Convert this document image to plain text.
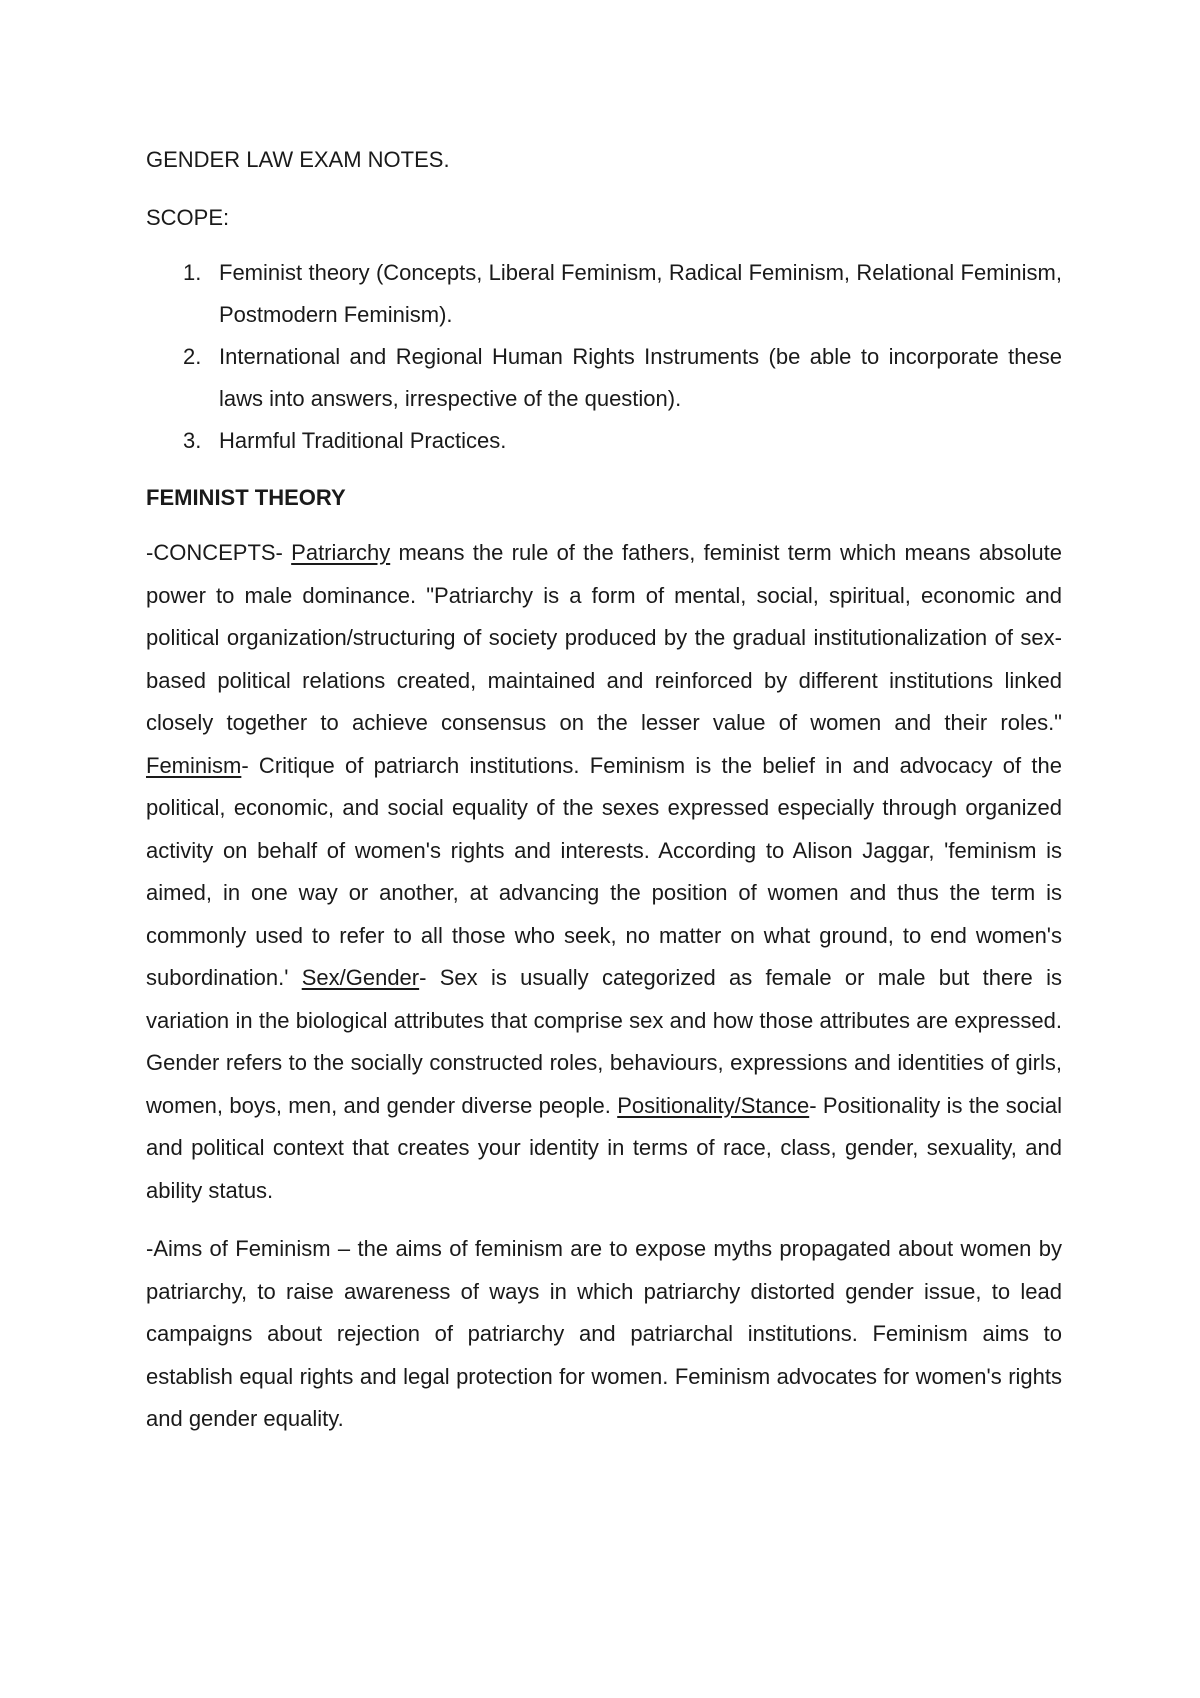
GENDER LAW EXAM NOTES.

SCOPE:

1. Feminist theory (Concepts, Liberal Feminism, Radical Feminism, Relational Feminism, Postmodern Feminism).
2. International and Regional Human Rights Instruments (be able to incorporate these laws into answers, irrespective of the question).
3. Harmful Traditional Practices.

FEMINIST THEORY

-CONCEPTS- Patriarchy means the rule of the fathers, feminist term which means absolute power to male dominance. "Patriarchy is a form of mental, social, spiritual, economic and political organization/structuring of society produced by the gradual institutionalization of sex-based political relations created, maintained and reinforced by different institutions linked closely together to achieve consensus on the lesser value of women and their roles." Feminism- Critique of patriarch institutions. Feminism is the belief in and advocacy of the political, economic, and social equality of the sexes expressed especially through organized activity on behalf of women's rights and interests. According to Alison Jaggar, 'feminism is aimed, in one way or another, at advancing the position of women and thus the term is commonly used to refer to all those who seek, no matter on what ground, to end women's subordination.' Sex/Gender- Sex is usually categorized as female or male but there is variation in the biological attributes that comprise sex and how those attributes are expressed. Gender refers to the socially constructed roles, behaviours, expressions and identities of girls, women, boys, men, and gender diverse people. Positionality/Stance- Positionality is the social and political context that creates your identity in terms of race, class, gender, sexuality, and ability status.

-Aims of Feminism – the aims of feminism are to expose myths propagated about women by patriarchy, to raise awareness of ways in which patriarchy distorted gender issue, to lead campaigns about rejection of patriarchy and patriarchal institutions. Feminism aims to establish equal rights and legal protection for women. Feminism advocates for women's rights and gender equality.
